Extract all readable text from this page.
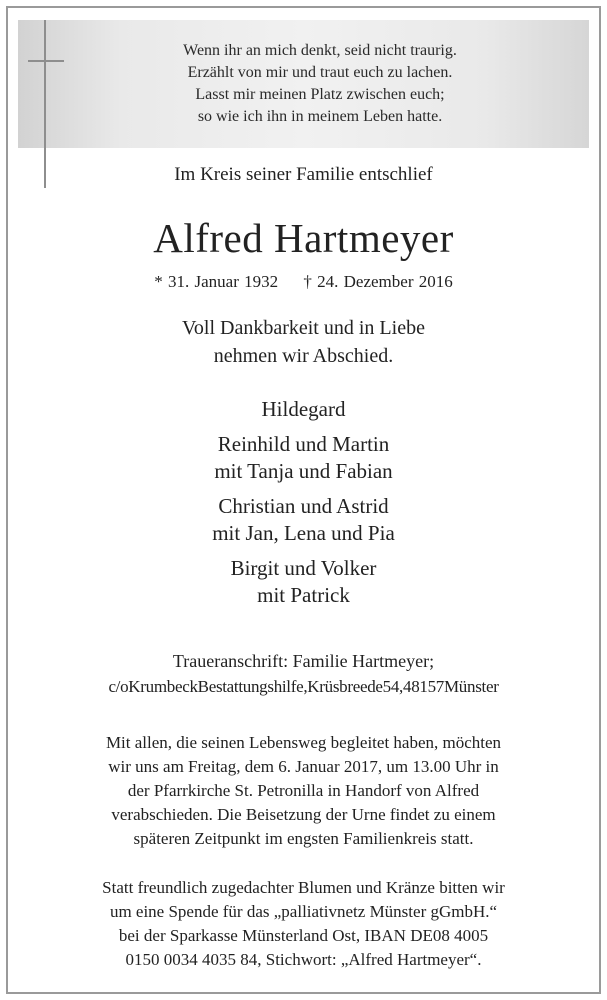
Wenn ihr an mich denkt, seid nicht traurig.
Erzählt von mir und traut euch zu lachen.
Lasst mir meinen Platz zwischen euch;
so wie ich ihn in meinem Leben hatte.
Im Kreis seiner Familie entschlief
Alfred Hartmeyer
* 31. Januar 1932 † 24. Dezember 2016
Voll Dankbarkeit und in Liebe
nehmen wir Abschied.
Hildegard
Reinhild und Martin
mit Tanja und Fabian
Christian und Astrid
mit Jan, Lena und Pia
Birgit und Volker
mit Patrick
Traueranschrift: Familie Hartmeyer;
c/oKrumbeckBestattungshilfe,Krüsbreede54,48157Münster
Mit allen, die seinen Lebensweg begleitet haben, möchten
wir uns am Freitag, dem 6. Januar 2017, um 13.00 Uhr in
der Pfarrkirche St. Petronilla in Handorf von Alfred
verabschieden. Die Beisetzung der Urne findet zu einem
späteren Zeitpunkt im engsten Familienkreis statt.
Statt freundlich zugedachter Blumen und Kränze bitten wir
um eine Spende für das „palliativnetz Münster gGmbH.“
bei der Sparkasse Münsterland Ost, IBAN DE08 4005
0150 0034 4035 84, Stichwort: „Alfred Hartmeyer“.
